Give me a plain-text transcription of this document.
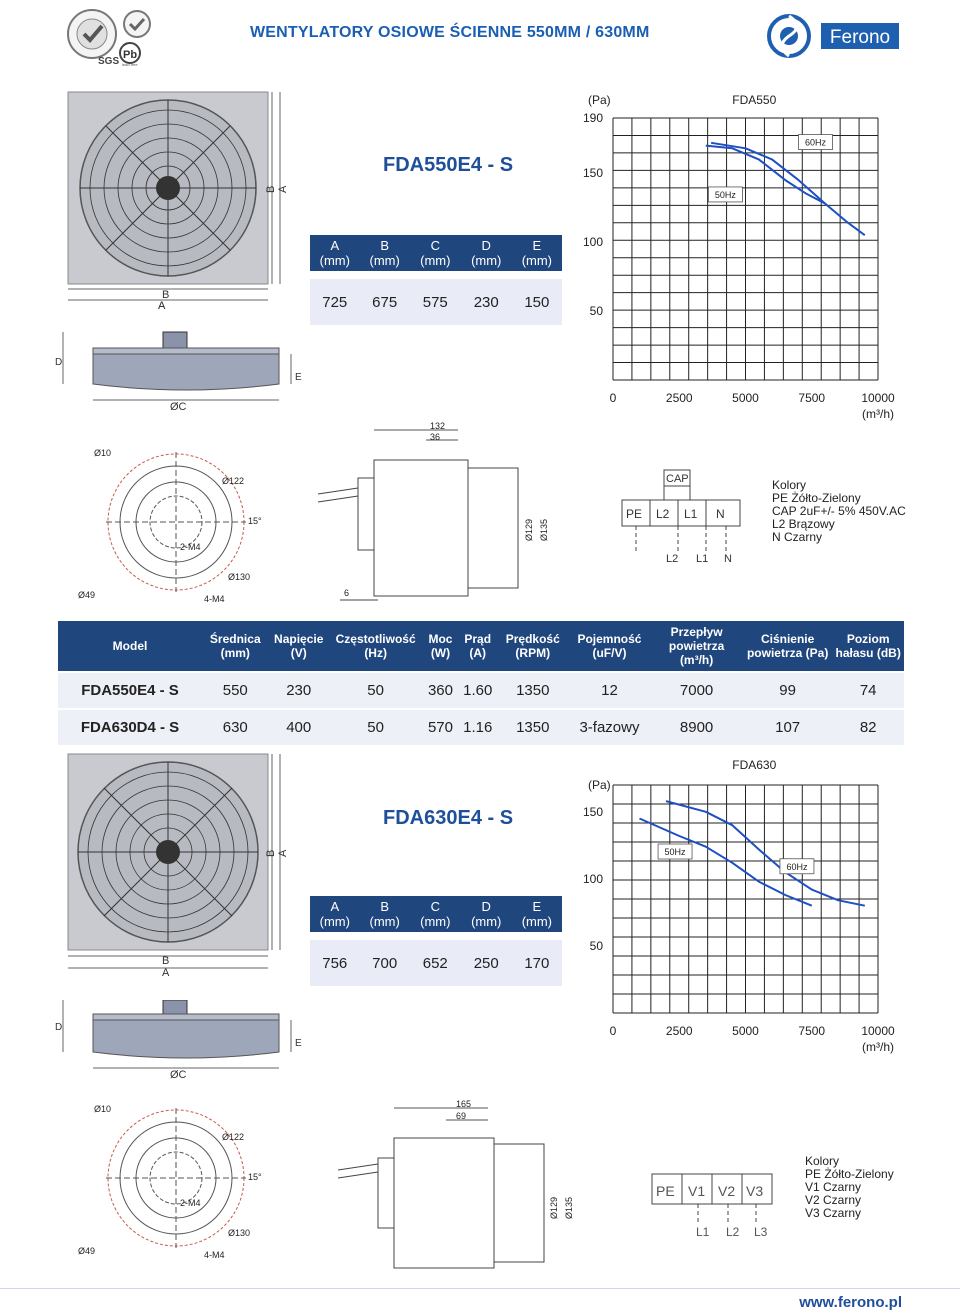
Pb
SGS lead free
WENTYLATORY OSIOWE ŚCIENNE 550MM / 630MM	Ferono
B A
B
A
D
E
ØC
Ø10
Ø122
15°
2-M4
Ø130
Ø49	4-M4
132
36
6
Ø129 Ø135
FDA550E4 - S
A (mm)	B (mm)	C (mm)	D (mm)	E (mm)

725	675	575	230	150
FDA550
(Pa)
190
150
100
50
0	2500	5000	7500	10000
(m³/h)
50Hz
60Hz
CAP
PE L2 L1 N
L2 L1 N
Kolory
PE Żółto-Zielony
CAP 2uF+/- 5% 450V.AC
L2 Brązowy
N Czarny
Model	Średnica (mm)	Napięcie (V)	Częstotliwość (Hz)	Moc (W)	Prąd (A)	Prędkość (RPM)	Pojemność (uF/V)	Przepływ powietrza (m³/h)	Ciśnienie powietrza (Pa)	Poziom hałasu (dB)
FDA550E4 - S	550	230	50	360	1.60	1350	12	7000	99	74
FDA630D4 - S	630	400	50	570	1.16	1350	3-fazowy	8900	107	82
B A
B
A
D
E
ØC
Ø10
Ø122
15°
2-M4
Ø130
Ø49	4-M4
165
69
Ø129 Ø135
FDA630E4 - S
A (mm)	B (mm)	C (mm)	D (mm)	E (mm)

756	700	652	250	170
FDA630
(Pa)
150
100
50
0	2500	5000	7500	10000
(m³/h)
50Hz
60Hz
PE V1 V2 V3
L1 L2 L3
Kolory
PE Żółto-Zielony
V1 Czarny
V2 Czarny
V3 Czarny
www.ferono.pl
